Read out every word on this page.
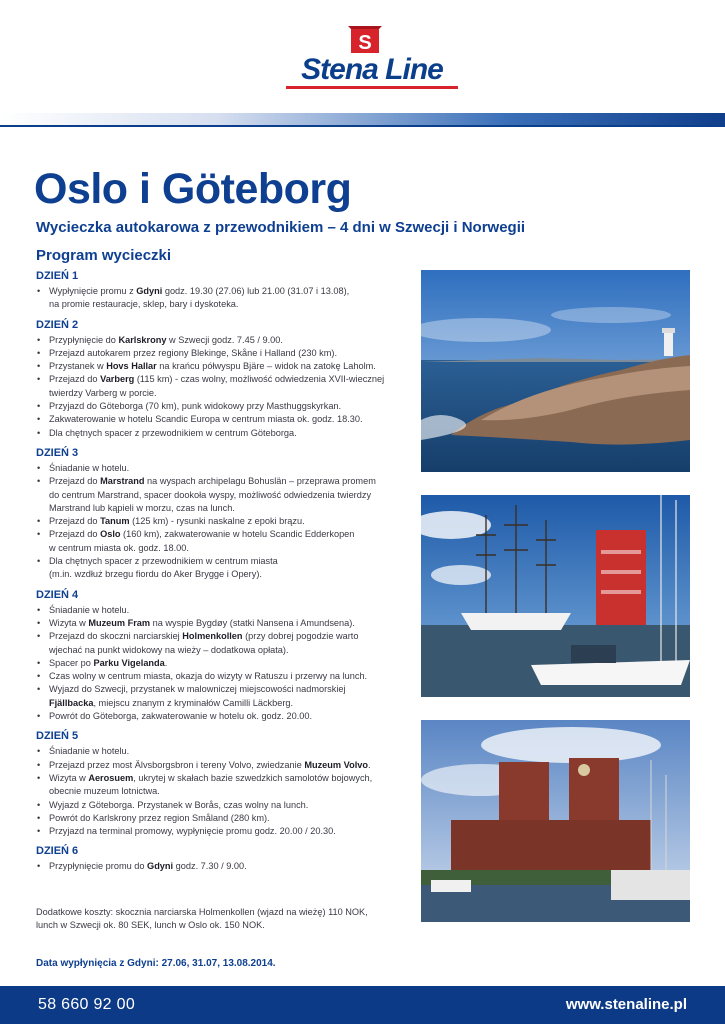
S
Stena Line
Oslo i Göteborg
Wycieczka autokarowa z przewodnikiem – 4 dni w Szwecji i Norwegii
Program wycieczki
DZIEŃ 1
• Wypłynięcie promu z Gdyni godz. 19.30 (27.06) lub 21.00 (31.07 i 13.08),
na promie restauracje, sklep, bary i dyskoteka.
DZIEŃ 2
• Przypłynięcie do Karlskrony w Szwecji godz. 7.45 / 9.00.
• Przejazd autokarem przez regiony Blekinge, Skåne i Halland (230 km).
• Przystanek w Hovs Hallar na krańcu półwyspu Bjäre – widok na zatokę Laholm.
• Przejazd do Varberg (115 km) - czas wolny, możliwość odwiedzenia XVII-wiecznej
twierdzy Varberg w porcie.
• Przyjazd do Göteborga (70 km), punk widokowy przy Masthuggskyrkan.
• Zakwaterowanie w hotelu Scandic Europa w centrum miasta ok. godz. 18.30.
• Dla chętnych spacer z przewodnikiem w centrum Göteborga.
DZIEŃ 3
• Śniadanie w hotelu.
• Przejazd do Marstrand na wyspach archipelagu Bohuslän – przeprawa promem
do centrum Marstrand, spacer dookoła wyspy, możliwość odwiedzenia twierdzy
Marstrand lub kąpieli w morzu, czas na lunch.
• Przejazd do Tanum (125 km) - rysunki naskalne z epoki brązu.
• Przejazd do Oslo (160 km), zakwaterowanie w hotelu Scandic Edderkopen
w centrum miasta ok. godz. 18.00.
• Dla chętnych spacer z przewodnikiem w centrum miasta
(m.in. wzdłuż brzegu fiordu do Aker Brygge i Opery).
DZIEŃ 4
• Śniadanie w hotelu.
• Wizyta w Muzeum Fram na wyspie Bygdøy (statki Nansena i Amundsena).
• Przejazd do skoczni narciarskiej Holmenkollen (przy dobrej pogodzie warto
wjechać na punkt widokowy na wieży – dodatkowa opłata).
• Spacer po Parku Vigelanda.
• Czas wolny w centrum miasta, okazja do wizyty w Ratuszu i przerwy na lunch.
• Wyjazd do Szwecji, przystanek w malowniczej miejscowości nadmorskiej
Fjällbacka, miejscu znanym z kryminałów Camilli Läckberg.
• Powrót do Göteborga, zakwaterowanie w hotelu ok. godz. 20.00.
DZIEŃ 5
• Śniadanie w hotelu.
• Przejazd przez most Älvsborgsbron i tereny Volvo, zwiedzanie Muzeum Volvo.
• Wizyta w Aerosuem, ukrytej w skałach bazie szwedzkich samolotów bojowych,
obecnie muzeum lotnictwa.
• Wyjazd z Göteborga. Przystanek w Borås, czas wolny na lunch.
• Powrót do Karlskrony przez region Småland (280 km).
• Przyjazd na terminal promowy, wypłynięcie promu godz. 20.00 / 20.30.
DZIEŃ 6
• Przypłynięcie promu do Gdyni godz. 7.30 / 9.00.
Dodatkowe koszty: skocznia narciarska Holmenkollen (wjazd na wieżę) 110 NOK,
lunch w Szwecji ok. 80 SEK, lunch w Oslo ok. 150 NOK.
Data wypłynięcia z Gdyni: 27.06, 31.07, 13.08.2014.
58 660 92 00	www.stenaline.pl
